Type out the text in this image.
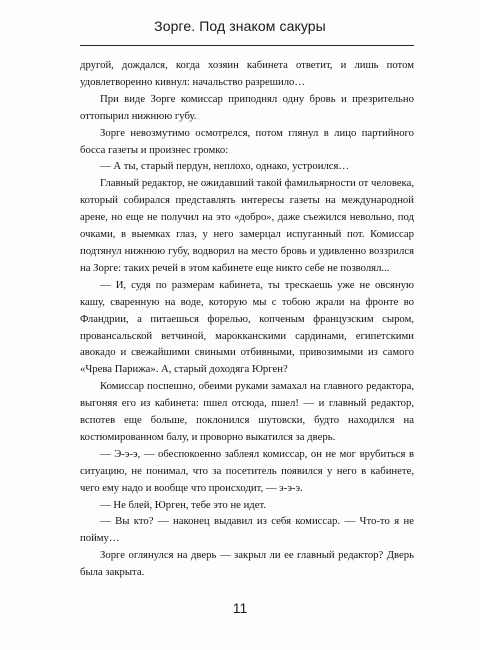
Зорге. Под знаком сакуры

другой, дождался, когда хозяин кабинета ответит, и лишь потом удовлетворенно кивнул: начальство разрешило…

При виде Зорге комиссар приподнял одну бровь и презрительно оттопырил нижнюю губу.

Зорге невозмутимо осмотрелся, потом глянул в лицо партийного босса газеты и произнес громко:

— А ты, старый пердун, неплохо, однако, устроился…

Главный редактор, не ожидавший такой фамильярности от человека, который собирался представлять интересы газеты на международной арене, но еще не получил на это «добро», даже съежился невольно, под очками, в выемках глаз, у него замерцал испуганный пот. Комиссар подтянул нижнюю губу, водворил на место бровь и удивленно воззрился на Зорге: таких речей в этом кабинете еще никто себе не позволял...

— И, судя по размерам кабинета, ты трескаешь уже не овсяную кашу, сваренную на воде, которую мы с тобою жрали на фронте во Фландрии, а питаешься форелью, копченым французским сыром, провансальской ветчиной, марокканскими сардинами, египетскими авокадо и свежайшими свиными отбивными, привозимыми из самого «Чрева Парижа». А, старый доходяга Юрген?

Комиссар поспешно, обеими руками замахал на главного редактора, выгоняя его из кабинета: пшел отсюда, пшел! — и главный редактор, вспотев еще больше, поклонился шутовски, будто находился на костюмированном балу, и проворно выкатился за дверь.

— Э-э-э, — обеспокоенно заблеял комиссар, он не мог врубиться в ситуацию, не понимал, что за посетитель появился у него в кабинете, чего ему надо и вообще что происходит, — э-э-э.

— Не блей, Юрген, тебе это не идет.

— Вы кто? — наконец выдавил из себя комиссар. — Что-то я не пойму…

Зорге оглянулся на дверь — закрыл ли ее главный редактор? Дверь была закрыта.

11
